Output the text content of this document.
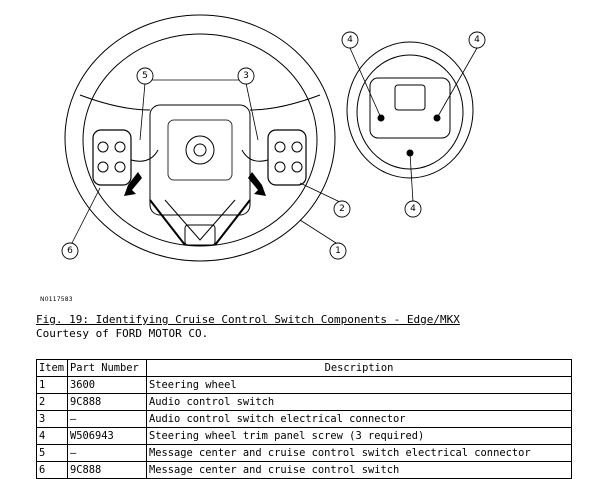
5	3
6
2
1
4	4
4
N0117583
Fig. 19: Identifying Cruise Control Switch Components - Edge/MKX
Courtesy of FORD MOTOR CO.
Item	Part Number	Description
1	3600	Steering wheel
2	9C888	Audio control switch
3	–	Audio control switch electrical connector
4	W506943	Steering wheel trim panel screw (3 required)
5	–	Message center and cruise control switch electrical connector
6	9C888	Message center and cruise control switch
